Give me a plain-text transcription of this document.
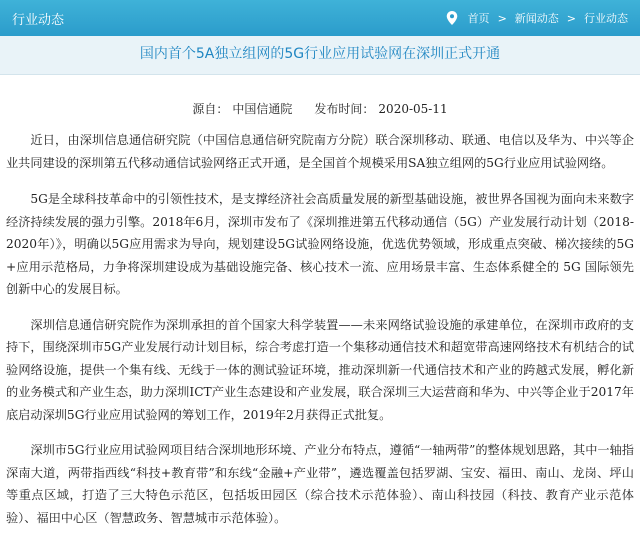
行业动态	首页 > 新闻动态 > 行业动态
国内首个5A独立组网的5G行业应用试验网在深圳正式开通
源自： 中国信通院 发布时间： 2020-05-11

近日，由深圳信息通信研究院（中国信息通信研究院南方分院）联合深圳移动、联通、电信以及华为、中兴等企业共同建设的深圳第五代移动通信试验网络正式开通，是全国首个规模采用SA独立组网的5G行业应用试验网络。

5G是全球科技革命中的引领性技术，是支撑经济社会高质量发展的新型基础设施，被世界各国视为面向未来数字经济持续发展的强力引擎。2018年6月，深圳市发布了《深圳推进第五代移动通信（5G）产业发展行动计划（2018-2020年）》，明确以5G应用需求为导向，规划建设5G试验网络设施，优选优势领域，形成重点突破、梯次接续的5G+应用示范格局，力争将深圳建设成为基础设施完备、核心技术一流、应用场景丰富、生态体系健全的 5G 国际领先创新中心的发展目标。

深圳信息通信研究院作为深圳承担的首个国家大科学装置——未来网络试验设施的承建单位，在深圳市政府的支持下，围绕深圳市5G产业发展行动计划目标，综合考虑打造一个集移动通信技术和超宽带高速网络技术有机结合的试验网络设施，提供一个集有线、无线于一体的测试验证环境，推动深圳新一代通信技术和产业的跨越式发展，孵化新的业务模式和产业生态，助力深圳ICT产业生态建设和产业发展，联合深圳三大运营商和华为、中兴等企业于2017年底启动深圳5G行业应用试验网的筹划工作，2019年2月获得正式批复。

深圳市5G行业应用试验网项目结合深圳地形环境、产业分布特点，遵循“一轴两带”的整体规划思路，其中一轴指深南大道，两带指西线“科技+教育带”和东线“金融+产业带”，遴选覆盖包括罗湖、宝安、福田、南山、龙岗、坪山等重点区域，打造了三大特色示范区，包括坂田园区（综合技术示范体验）、南山科技园（科技、教育产业示范体验）、福田中心区（智慧政务、智慧城市示范体验）。
